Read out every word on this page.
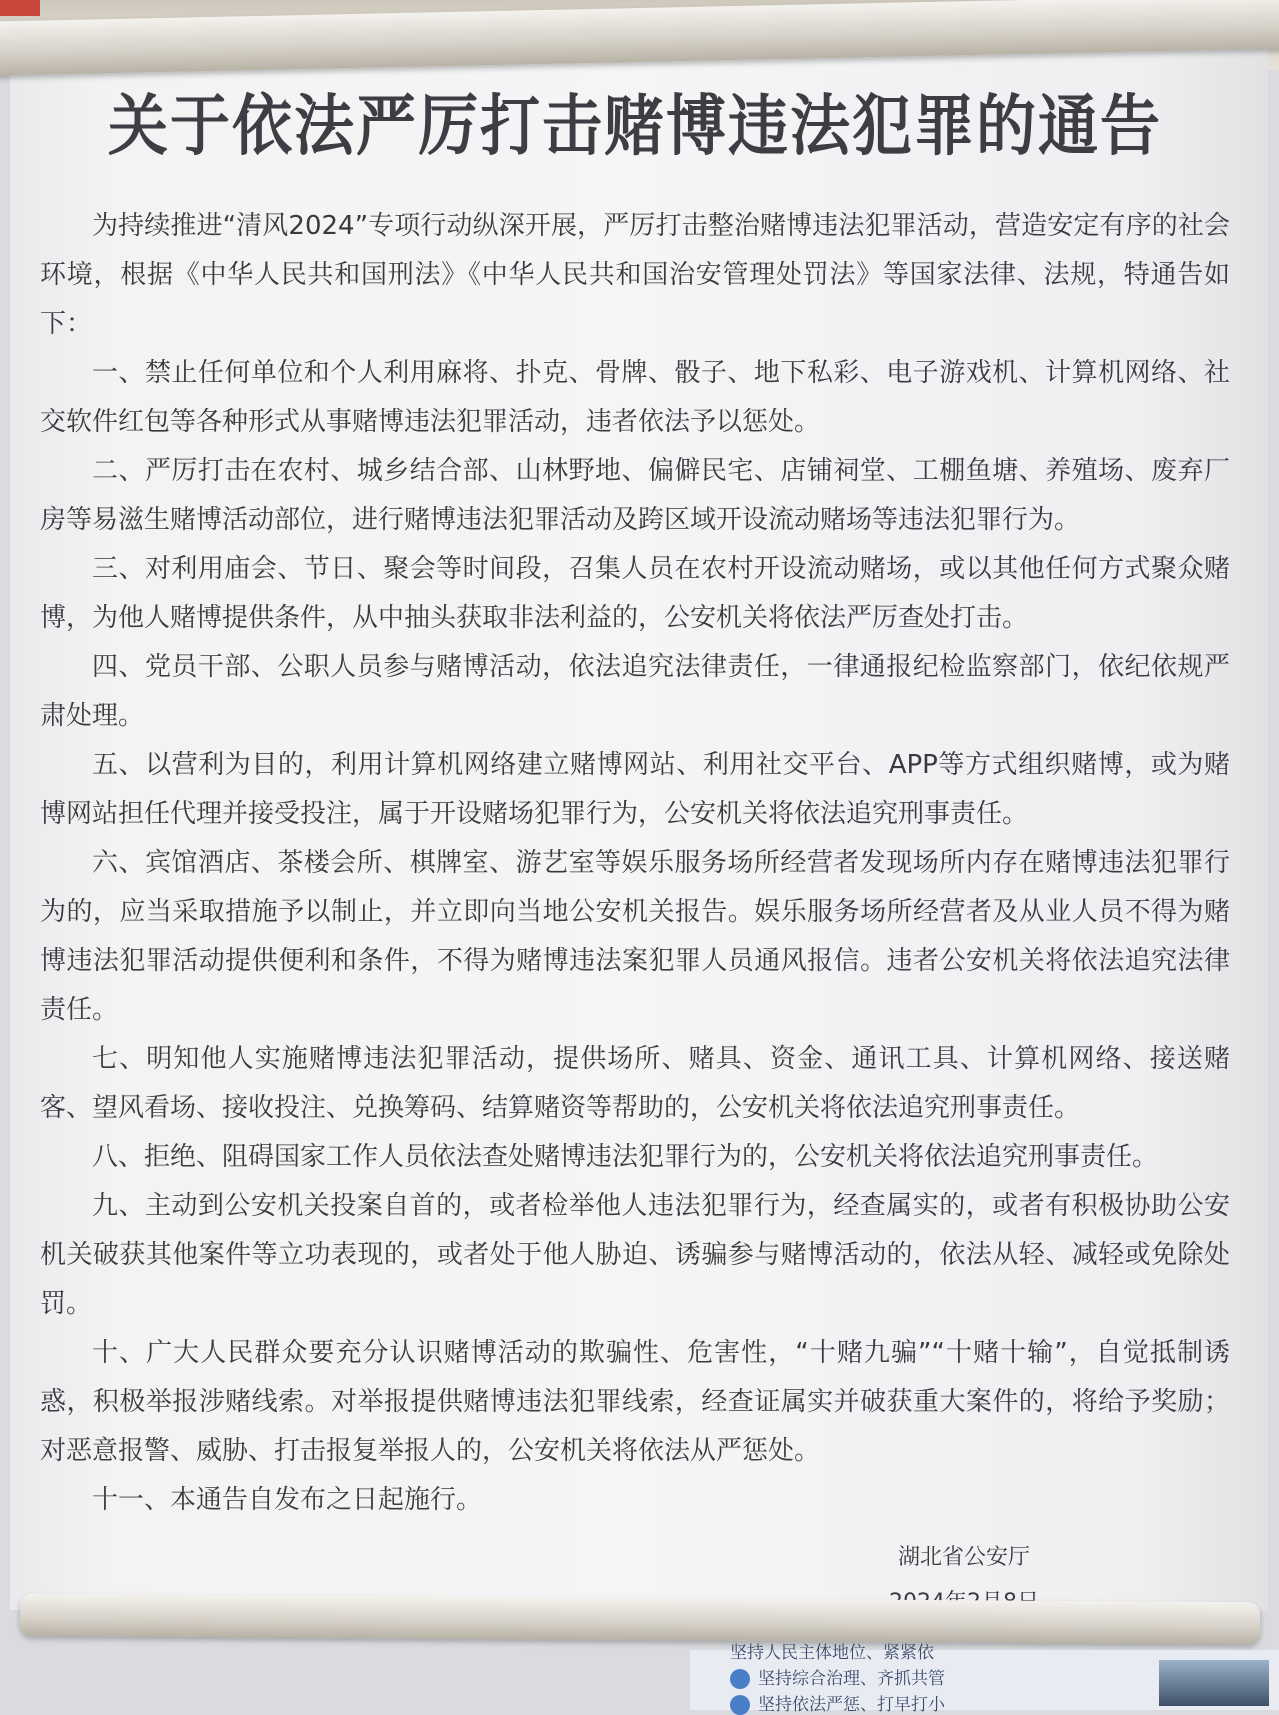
关于依法严厉打击赌博违法犯罪的通告

为持续推进“清风2024”专项行动纵深开展，严厉打击整治赌博违法犯罪活动，营造安定有序的社会环境，根据《中华人民共和国刑法》《中华人民共和国治安管理处罚法》等国家法律、法规，特通告如下：

一、禁止任何单位和个人利用麻将、扑克、骨牌、骰子、地下私彩、电子游戏机、计算机网络、社交软件红包等各种形式从事赌博违法犯罪活动，违者依法予以惩处。

二、严厉打击在农村、城乡结合部、山林野地、偏僻民宅、店铺祠堂、工棚鱼塘、养殖场、废弃厂房等易滋生赌博活动部位，进行赌博违法犯罪活动及跨区域开设流动赌场等违法犯罪行为。

三、对利用庙会、节日、聚会等时间段，召集人员在农村开设流动赌场，或以其他任何方式聚众赌博，为他人赌博提供条件，从中抽头获取非法利益的，公安机关将依法严厉查处打击。

四、党员干部、公职人员参与赌博活动，依法追究法律责任，一律通报纪检监察部门，依纪依规严肃处理。

五、以营利为目的，利用计算机网络建立赌博网站、利用社交平台、APP等方式组织赌博，或为赌博网站担任代理并接受投注，属于开设赌场犯罪行为，公安机关将依法追究刑事责任。

六、宾馆酒店、茶楼会所、棋牌室、游艺室等娱乐服务场所经营者发现场所内存在赌博违法犯罪行为的，应当采取措施予以制止，并立即向当地公安机关报告。娱乐服务场所经营者及从业人员不得为赌博违法犯罪活动提供便利和条件，不得为赌博违法案犯罪人员通风报信。违者公安机关将依法追究法律责任。

七、明知他人实施赌博违法犯罪活动，提供场所、赌具、资金、通讯工具、计算机网络、接送赌客、望风看场、接收投注、兑换筹码、结算赌资等帮助的，公安机关将依法追究刑事责任。

八、拒绝、阻碍国家工作人员依法查处赌博违法犯罪行为的，公安机关将依法追究刑事责任。

九、主动到公安机关投案自首的，或者检举他人违法犯罪行为，经查属实的，或者有积极协助公安机关破获其他案件等立功表现的，或者处于他人胁迫、诱骗参与赌博活动的，依法从轻、减轻或免除处罚。

十、广大人民群众要充分认识赌博活动的欺骗性、危害性，“十赌九骗”“十赌十输”，自觉抵制诱惑，积极举报涉赌线索。对举报提供赌博违法犯罪线索，经查证属实并破获重大案件的，将给予奖励；对恶意报警、威胁、打击报复举报人的，公安机关将依法从严惩处。

十一、本通告自发布之日起施行。

湖北省公安厅
坚持人民主体地位、紧紧依
坚持综合治理、齐抓共管
坚持依法严惩、打早打小
